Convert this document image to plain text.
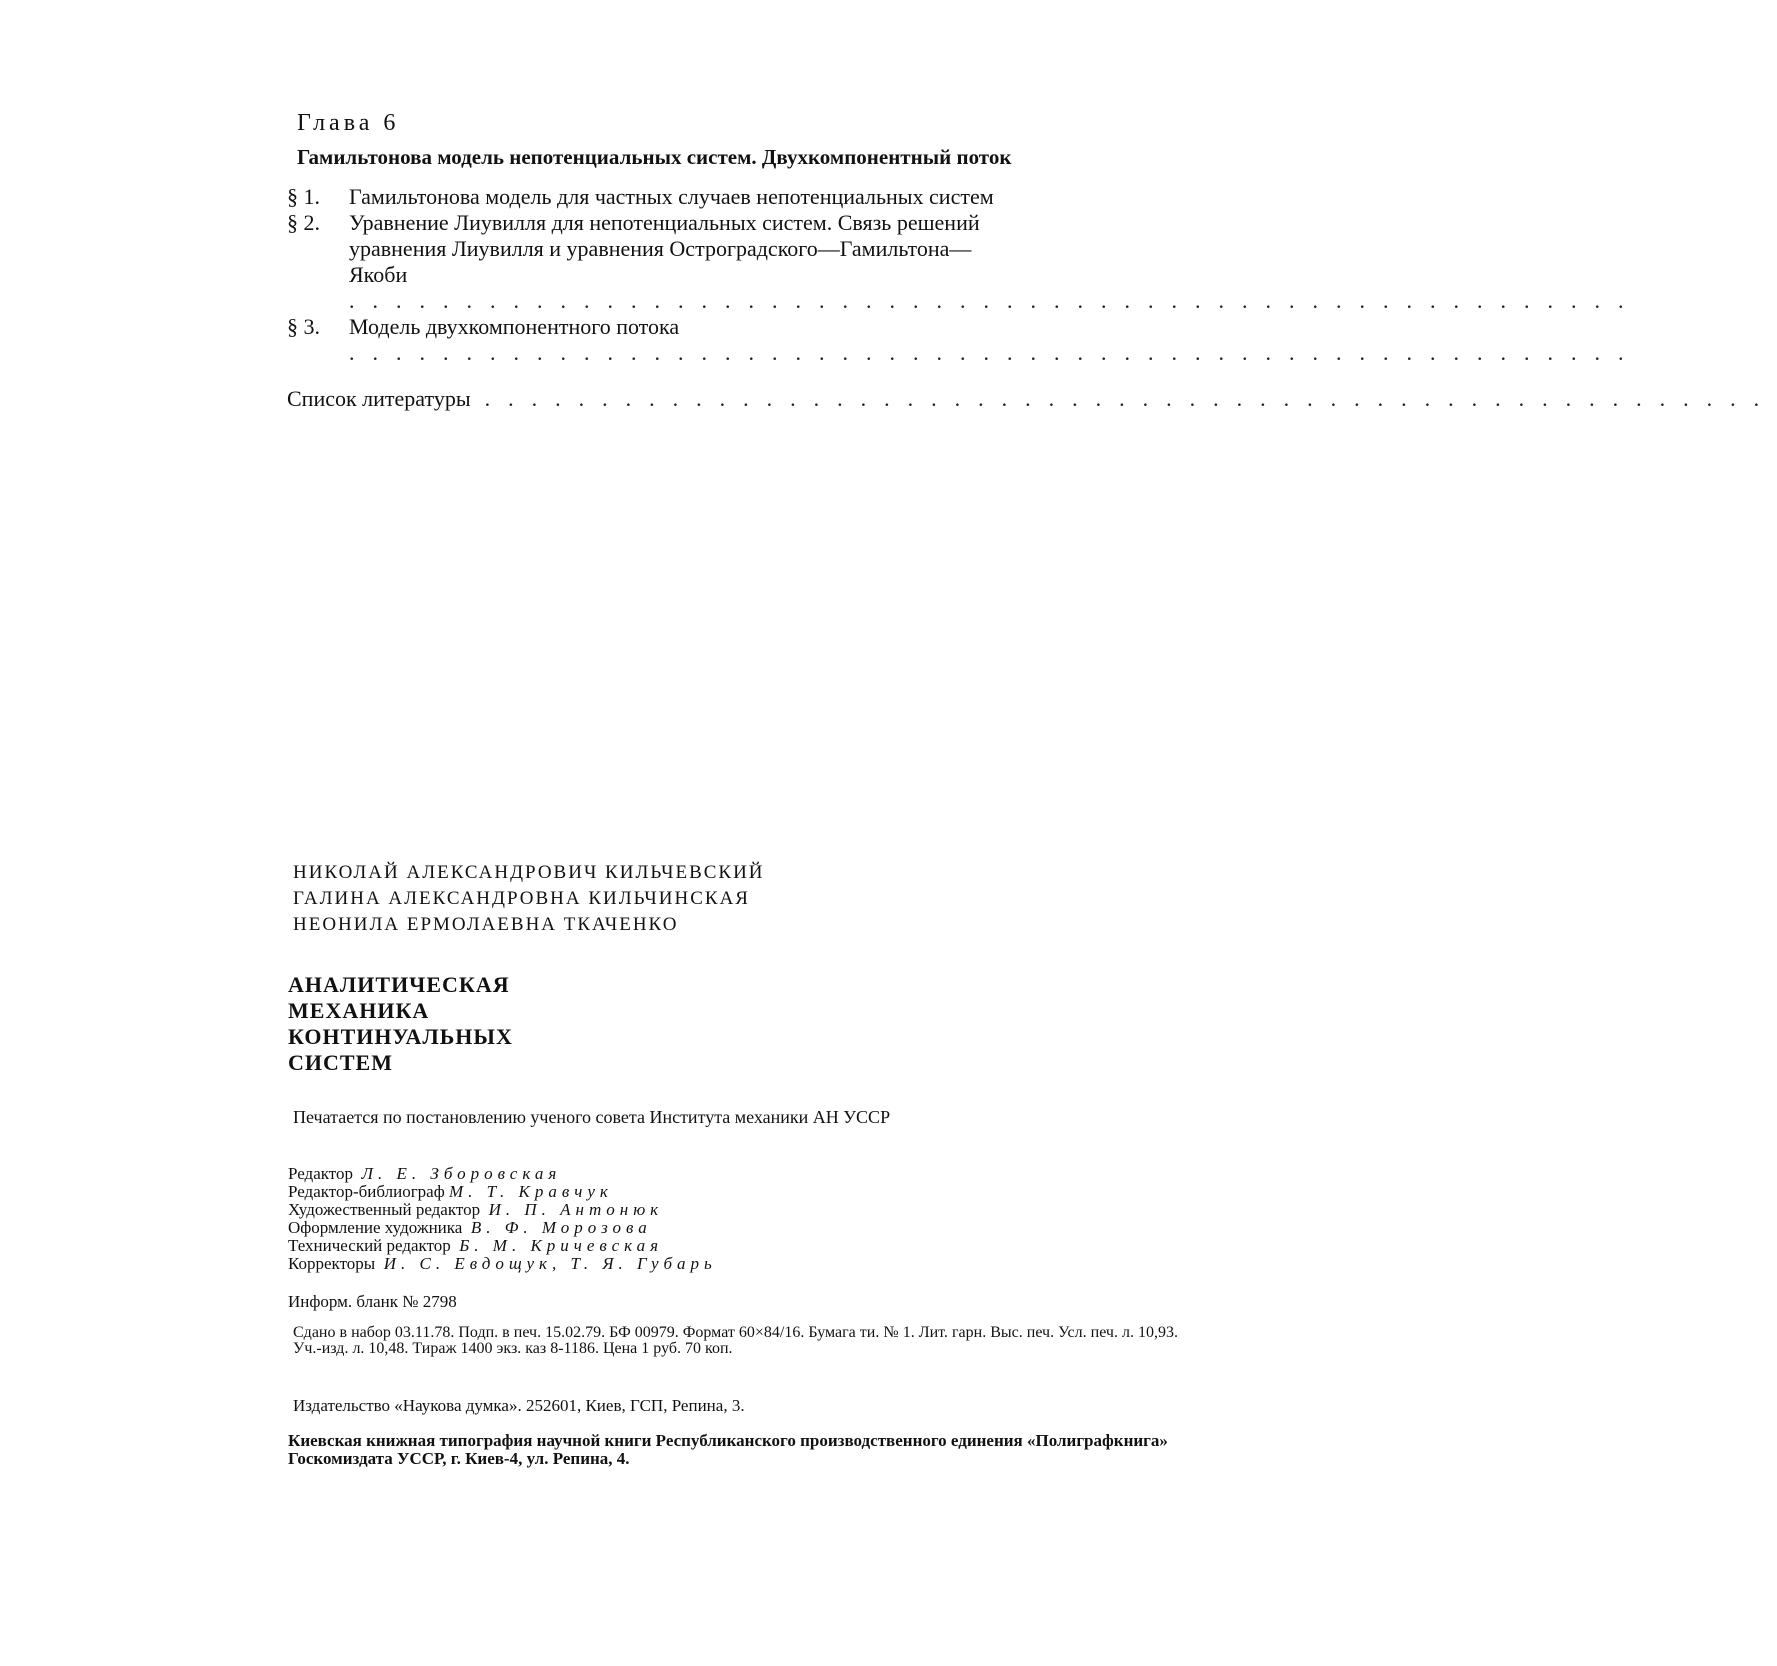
Глава 6
Гамильтонова модель непотенциальных систем. Двухкомпонентный поток
§ 1.	Гамильтонова модель для частных случаев непотенциальных систем
§ 2.	Уравнение Лиувилля для непотенциальных систем. Связь решений
уравнения Лиувилля и уравнения Остроградского—Гамильтона—
Якоби .......................................................
§ 3.	Модель двухкомпонентного потока .......................................................
Список литературы .......................................................
НИКОЛАЙ АЛЕКСАНДРОВИЧ КИЛЬЧЕВСКИЙ
ГАЛИНА АЛЕКСАНДРОВНА КИЛЬЧИНСКАЯ
НЕОНИЛА ЕРМОЛАЕВНА ТКАЧЕНКО
АНАЛИТИЧЕСКАЯ
МЕХАНИКА
КОНТИНУАЛЬНЫХ
СИСТЕМ
Печатается по постановлению ученого совета Института механики АН УССР
Редактор Л. Е. Зборовская
Редактор-библиограф М. Т. Кравчук
Художественный редактор И. П. Антонюк
Оформление художника В. Ф. Морозова
Технический редактор Б. М. Кричевская
Корректоры И. С. Евдощук, Т. Я. Губарь
Информ. бланк № 2798
Сдано в набор 03.11.78. Подп. в печ. 15.02.79. БФ 00979. Формат 60×84/16. Бумага ти. № 1. Лит. гарн. Выс. печ. Усл. печ. л. 10,93. Уч.-изд. л. 10,48. Тираж 1400 экз. каз 8-1186. Цена 1 руб. 70 коп.
Издательство «Наукова думка». 252601, Киев, ГСП, Репина, 3.
Киевская книжная типография научной книги Республиканского производственного единения «Полиграфкнига» Госкомиздата УССР, г. Киев-4, ул. Репина, 4.
